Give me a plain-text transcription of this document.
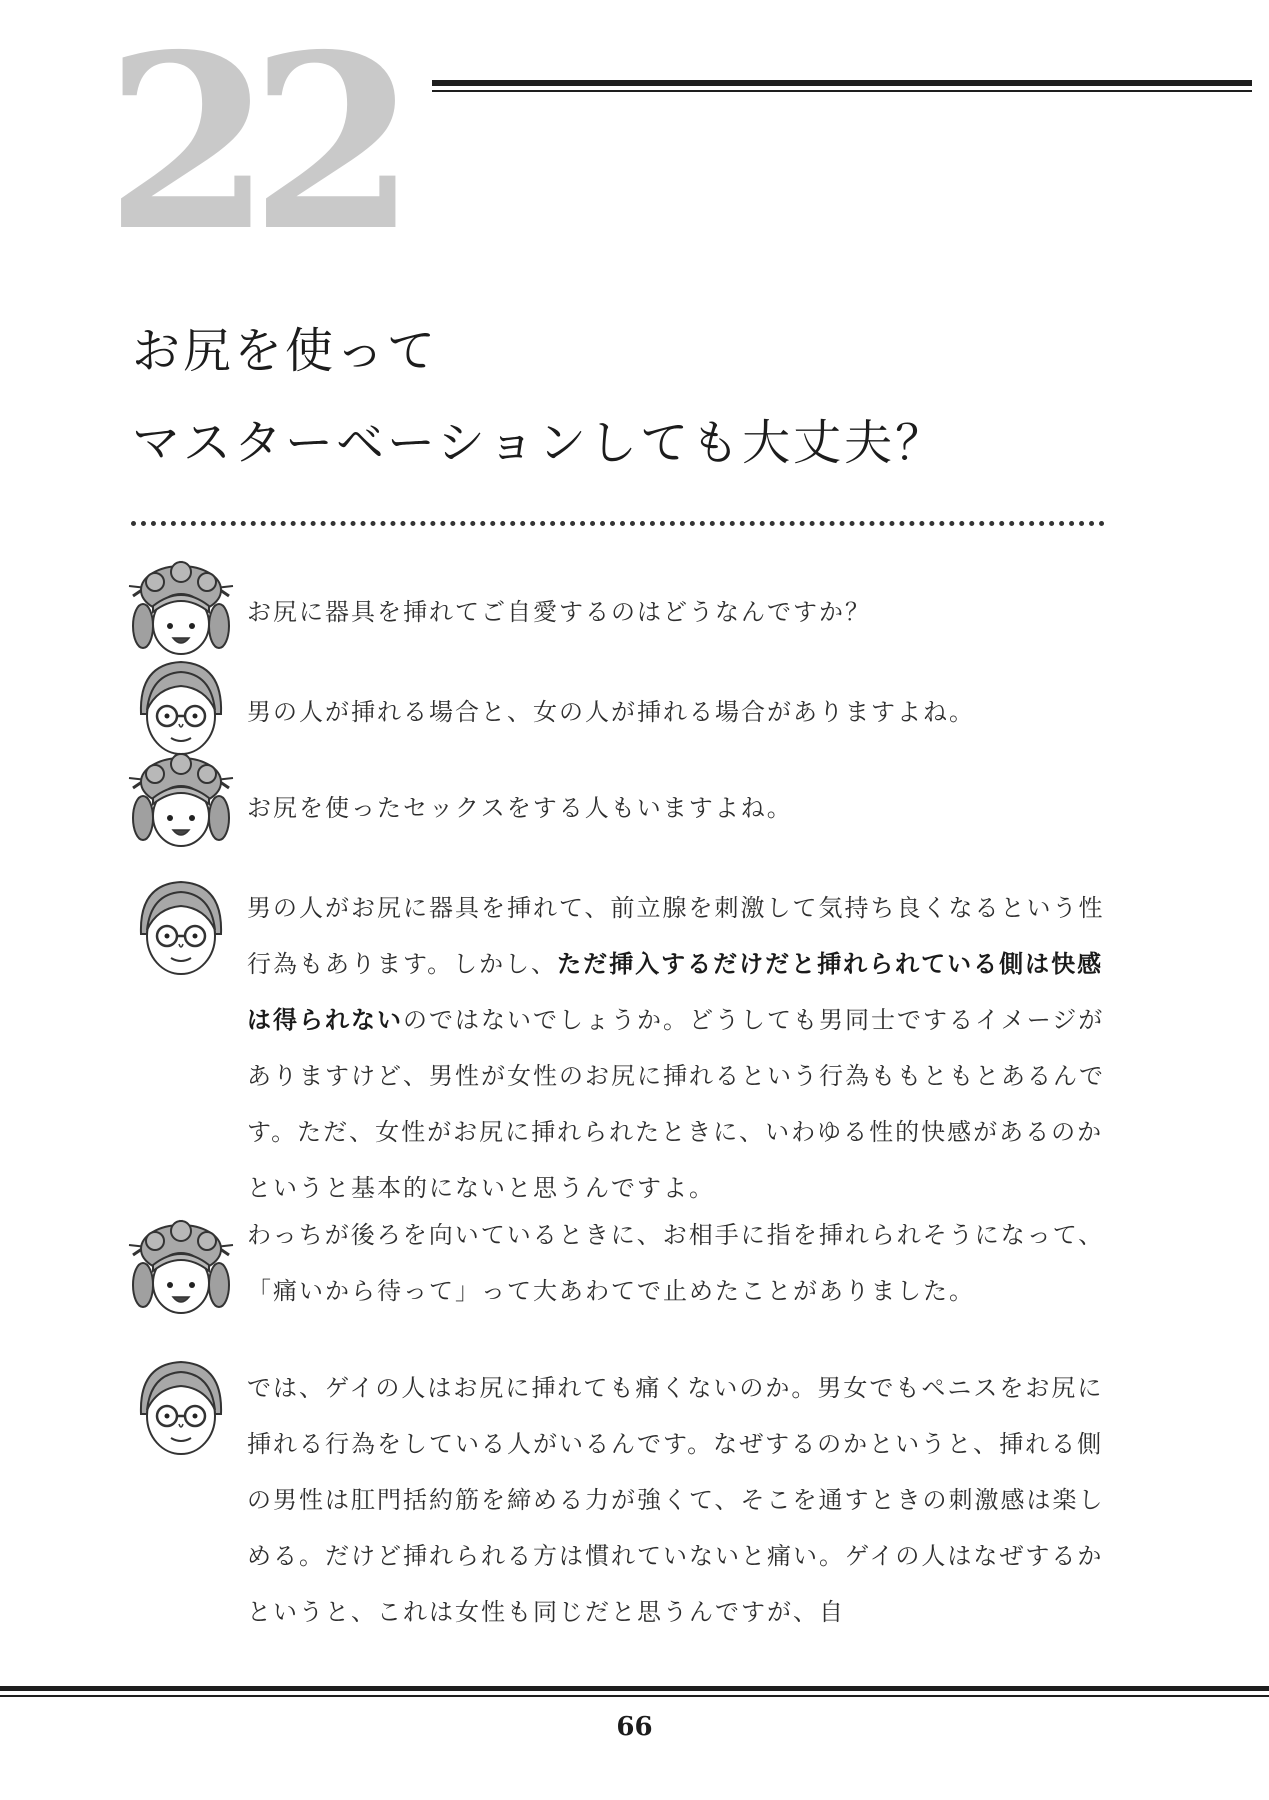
22
お尻を使って
マスターベーションしても大丈夫？
お尻に器具を挿れてご自愛するのはどうなんですか？
男の人が挿れる場合と、女の人が挿れる場合がありますよね。
お尻を使ったセックスをする人もいますよね。
男の人がお尻に器具を挿れて、前立腺を刺激して気持ち良くなるという性行為もあります。しかし、ただ挿入するだけだと挿れられている側は快感は得られないのではないでしょうか。どうしても男同士でするイメージがありますけど、男性が女性のお尻に挿れるという行為ももともとあるんです。ただ、女性がお尻に挿れられたときに、いわゆる性的快感があるのかというと基本的にないと思うんですよ。
わっちが後ろを向いているときに、お相手に指を挿れられそうになって、「痛いから待って」って大あわてで止めたことがありました。
では、ゲイの人はお尻に挿れても痛くないのか。男女でもペニスをお尻に挿れる行為をしている人がいるんです。なぜするのかというと、挿れる側の男性は肛門括約筋を締める力が強くて、そこを通すときの刺激感は楽しめる。だけど挿れられる方は慣れていないと痛い。ゲイの人はなぜするかというと、これは女性も同じだと思うんですが、自
66
